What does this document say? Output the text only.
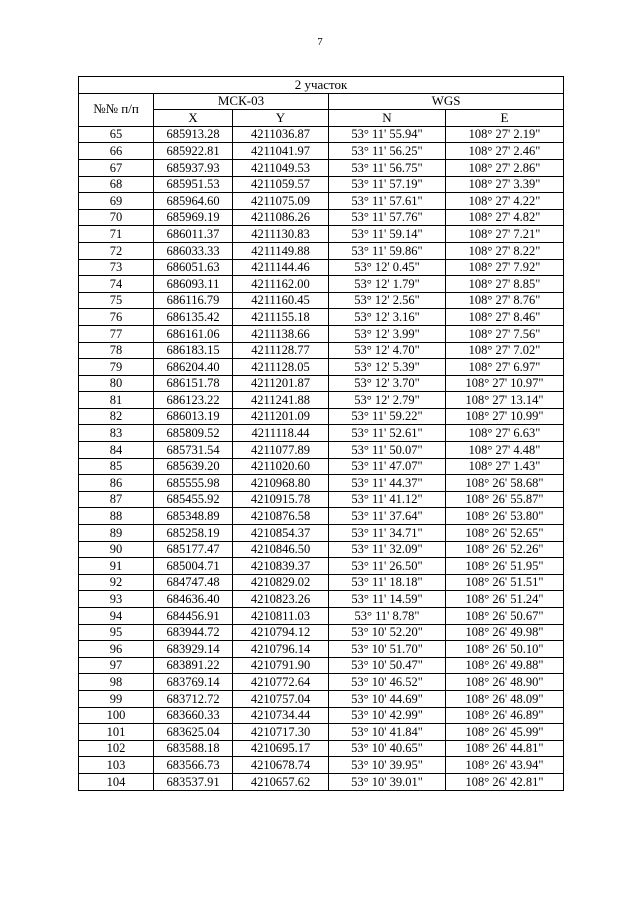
7
2 участок				
№№ п/п	МСК-03		WGS	
	X	Y	N	E
65	685913.28	4211036.87	53° 11' 55.94"	108° 27' 2.19"
66	685922.81	4211041.97	53° 11' 56.25"	108° 27' 2.46"
67	685937.93	4211049.53	53° 11' 56.75"	108° 27' 2.86"
68	685951.53	4211059.57	53° 11' 57.19"	108° 27' 3.39"
69	685964.60	4211075.09	53° 11' 57.61"	108° 27' 4.22"
70	685969.19	4211086.26	53° 11' 57.76"	108° 27' 4.82"
71	686011.37	4211130.83	53° 11' 59.14"	108° 27' 7.21"
72	686033.33	4211149.88	53° 11' 59.86"	108° 27' 8.22"
73	686051.63	4211144.46	53° 12' 0.45"	108° 27' 7.92"
74	686093.11	4211162.00	53° 12' 1.79"	108° 27' 8.85"
75	686116.79	4211160.45	53° 12' 2.56"	108° 27' 8.76"
76	686135.42	4211155.18	53° 12' 3.16"	108° 27' 8.46"
77	686161.06	4211138.66	53° 12' 3.99"	108° 27' 7.56"
78	686183.15	4211128.77	53° 12' 4.70"	108° 27' 7.02"
79	686204.40	4211128.05	53° 12' 5.39"	108° 27' 6.97"
80	686151.78	4211201.87	53° 12' 3.70"	108° 27' 10.97"
81	686123.22	4211241.88	53° 12' 2.79"	108° 27' 13.14"
82	686013.19	4211201.09	53° 11' 59.22"	108° 27' 10.99"
83	685809.52	4211118.44	53° 11' 52.61"	108° 27' 6.63"
84	685731.54	4211077.89	53° 11' 50.07"	108° 27' 4.48"
85	685639.20	4211020.60	53° 11' 47.07"	108° 27' 1.43"
86	685555.98	4210968.80	53° 11' 44.37"	108° 26' 58.68"
87	685455.92	4210915.78	53° 11' 41.12"	108° 26' 55.87"
88	685348.89	4210876.58	53° 11' 37.64"	108° 26' 53.80"
89	685258.19	4210854.37	53° 11' 34.71"	108° 26' 52.65"
90	685177.47	4210846.50	53° 11' 32.09"	108° 26' 52.26"
91	685004.71	4210839.37	53° 11' 26.50"	108° 26' 51.95"
92	684747.48	4210829.02	53° 11' 18.18"	108° 26' 51.51"
93	684636.40	4210823.26	53° 11' 14.59"	108° 26' 51.24"
94	684456.91	4210811.03	53° 11' 8.78"	108° 26' 50.67"
95	683944.72	4210794.12	53° 10' 52.20"	108° 26' 49.98"
96	683929.14	4210796.14	53° 10' 51.70"	108° 26' 50.10"
97	683891.22	4210791.90	53° 10' 50.47"	108° 26' 49.88"
98	683769.14	4210772.64	53° 10' 46.52"	108° 26' 48.90"
99	683712.72	4210757.04	53° 10' 44.69"	108° 26' 48.09"
100	683660.33	4210734.44	53° 10' 42.99"	108° 26' 46.89"
101	683625.04	4210717.30	53° 10' 41.84"	108° 26' 45.99"
102	683588.18	4210695.17	53° 10' 40.65"	108° 26' 44.81"
103	683566.73	4210678.74	53° 10' 39.95"	108° 26' 43.94"
104	683537.91	4210657.62	53° 10' 39.01"	108° 26' 42.81"
